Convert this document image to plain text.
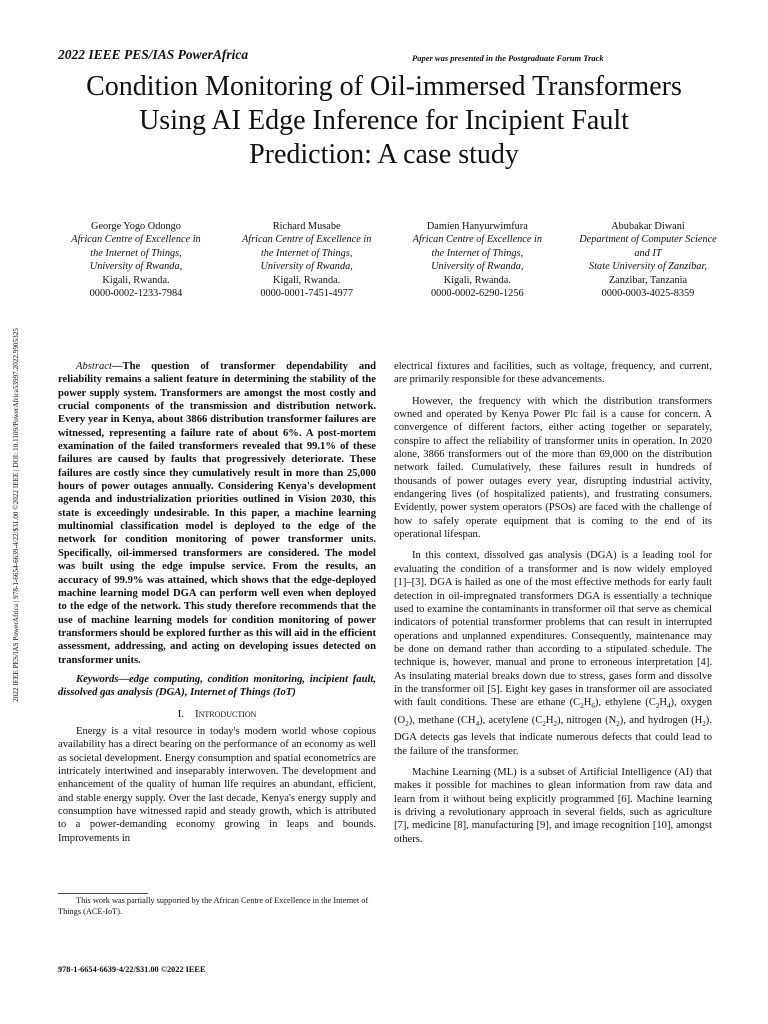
2022 IEEE PES/IAS PowerAfrica	Paper was presented in the Postgraduate Forum Track
Condition Monitoring of Oil-immersed Transformers
Using AI Edge Inference for Incipient Fault
Prediction: A case study
George Yogo Odongo
African Centre of Excellence in
the Internet of Things,
University of Rwanda,
Kigali, Rwanda.
0000-0002-1233-7984
Richard Musabe
African Centre of Excellence in
the Internet of Things,
University of Rwanda,
Kigali, Rwanda.
0000-0001-7451-4977
Damien Hanyurwimfura
African Centre of Excellence in
the Internet of Things,
University of Rwanda,
Kigali, Rwanda.
0000-0002-6290-1256
Abubakar Diwani
Department of Computer Science
and IT
State University of Zanzibar,
Zanzibar, Tanzania
0000-0003-4025-8359
2022 IEEE PES/IAS PowerAfrica | 978-1-6654-6639-4/22/$31.00 ©2022 IEEE | DOI: 10.1109/PowerAfrica53997.2022.9905325	Abstract—The question of transformer dependability and reliability remains a salient feature in determining the stability of the power supply system. Transformers are amongst the most costly and crucial components of the transmission and distribution network. Every year in Kenya, about 3866 distribution transformer failures are witnessed, representing a failure rate of about 6%. A post-mortem examination of the failed transformers revealed that 99.1% of these failures are caused by faults that progressively deteriorate. These failures are costly since they cumulatively result in more than 25,000 hours of power outages annually. Considering Kenya's development agenda and industrialization priorities outlined in Vision 2030, this state is exceedingly undesirable. In this paper, a machine learning multinomial classification model is deployed to the edge of the network for condition monitoring of power transformer units. Specifically, oil-immersed transformers are considered. The model was built using the edge impulse service. From the results, an accuracy of 99.9% was attained, which shows that the edge-deployed machine learning model DGA can perform well even when deployed to the edge of the network. This study therefore recommends that the use of machine learning models for condition monitoring of power transformers should be explored further as this will aid in the efficient assessment, addressing, and acting on developing issues detected on transformer units.

Keywords—edge computing, condition monitoring, incipient fault, dissolved gas analysis (DGA), Internet of Things (IoT)

I. Introduction

Energy is a vital resource in today's modern world whose copious availability has a direct bearing on the performance of an economy as well as societal development. Energy consumption and spatial econometrics are intricately intertwined and inseparably interwoven. The development and enhancement of the quality of human life requires an abundant, efficient, and stable energy supply. Over the last decade, Kenya's energy supply and consumption have witnessed rapid and steady growth, which is attributed to a power-demanding economy growing in leaps and bounds. Improvements in

This work was partially supported by the African Centre of Excellence in the Internet of Things (ACE-IoT).
978-1-6654-6639-4/22/$31.00 ©2022 IEEE

electrical fixtures and facilities, such as voltage, frequency, and current, are primarily responsible for these advancements.

However, the frequency with which the distribution transformers owned and operated by Kenya Power Plc fail is a cause for concern. A convergence of different factors, either acting together or separately, conspire to affect the reliability of transformer units in operation. In 2020 alone, 3866 transformers out of the more than 69,000 on the distribution network failed. Cumulatively, these failures result in hundreds of thousands of power outages every year, disrupting industrial activity, endangering lives (of hospitalized patients), and frustrating consumers. Evidently, power system operators (PSOs) are faced with the challenge of how to safely operate equipment that is coming to the end of its operational lifespan.

In this context, dissolved gas analysis (DGA) is a leading tool for evaluating the condition of a transformer and is now widely employed [1]–[3]. DGA is hailed as one of the most effective methods for early fault detection in oil-impregnated transformers DGA is essentially a technique used to examine the contaminants in transformer oil that serve as chemical indicators of potential transformer problems that can result in interrupted operations and unplanned expenditures. Consequently, maintenance may be done on demand rather than according to a stipulated schedule. The technique is, however, manual and prone to erroneous interpretation [4]. As insulating material breaks down due to stress, gases form and dissolve in the transformer oil [5]. Eight key gases in transformer oil are associated with fault conditions. These are ethane $(C_2H_6)$, ethylene $(C_2H_4)$, oxygen $(O_2)$, methane $(CH_4)$, acetylene $(C_2H_2)$, nitrogen $(N_2)$, and hydrogen $(H_2)$. DGA detects gas levels that indicate numerous defects that could lead to the failure of the transformer.

Machine Learning (ML) is a subset of Artificial Intelligence (AI) that makes it possible for machines to glean information from raw data and learn from it without being explicitly programmed [6]. Machine learning is driving a revolutionary approach in several fields, such as agriculture [7], medicine [8], manufacturing [9], and image recognition [10], amongst others.
